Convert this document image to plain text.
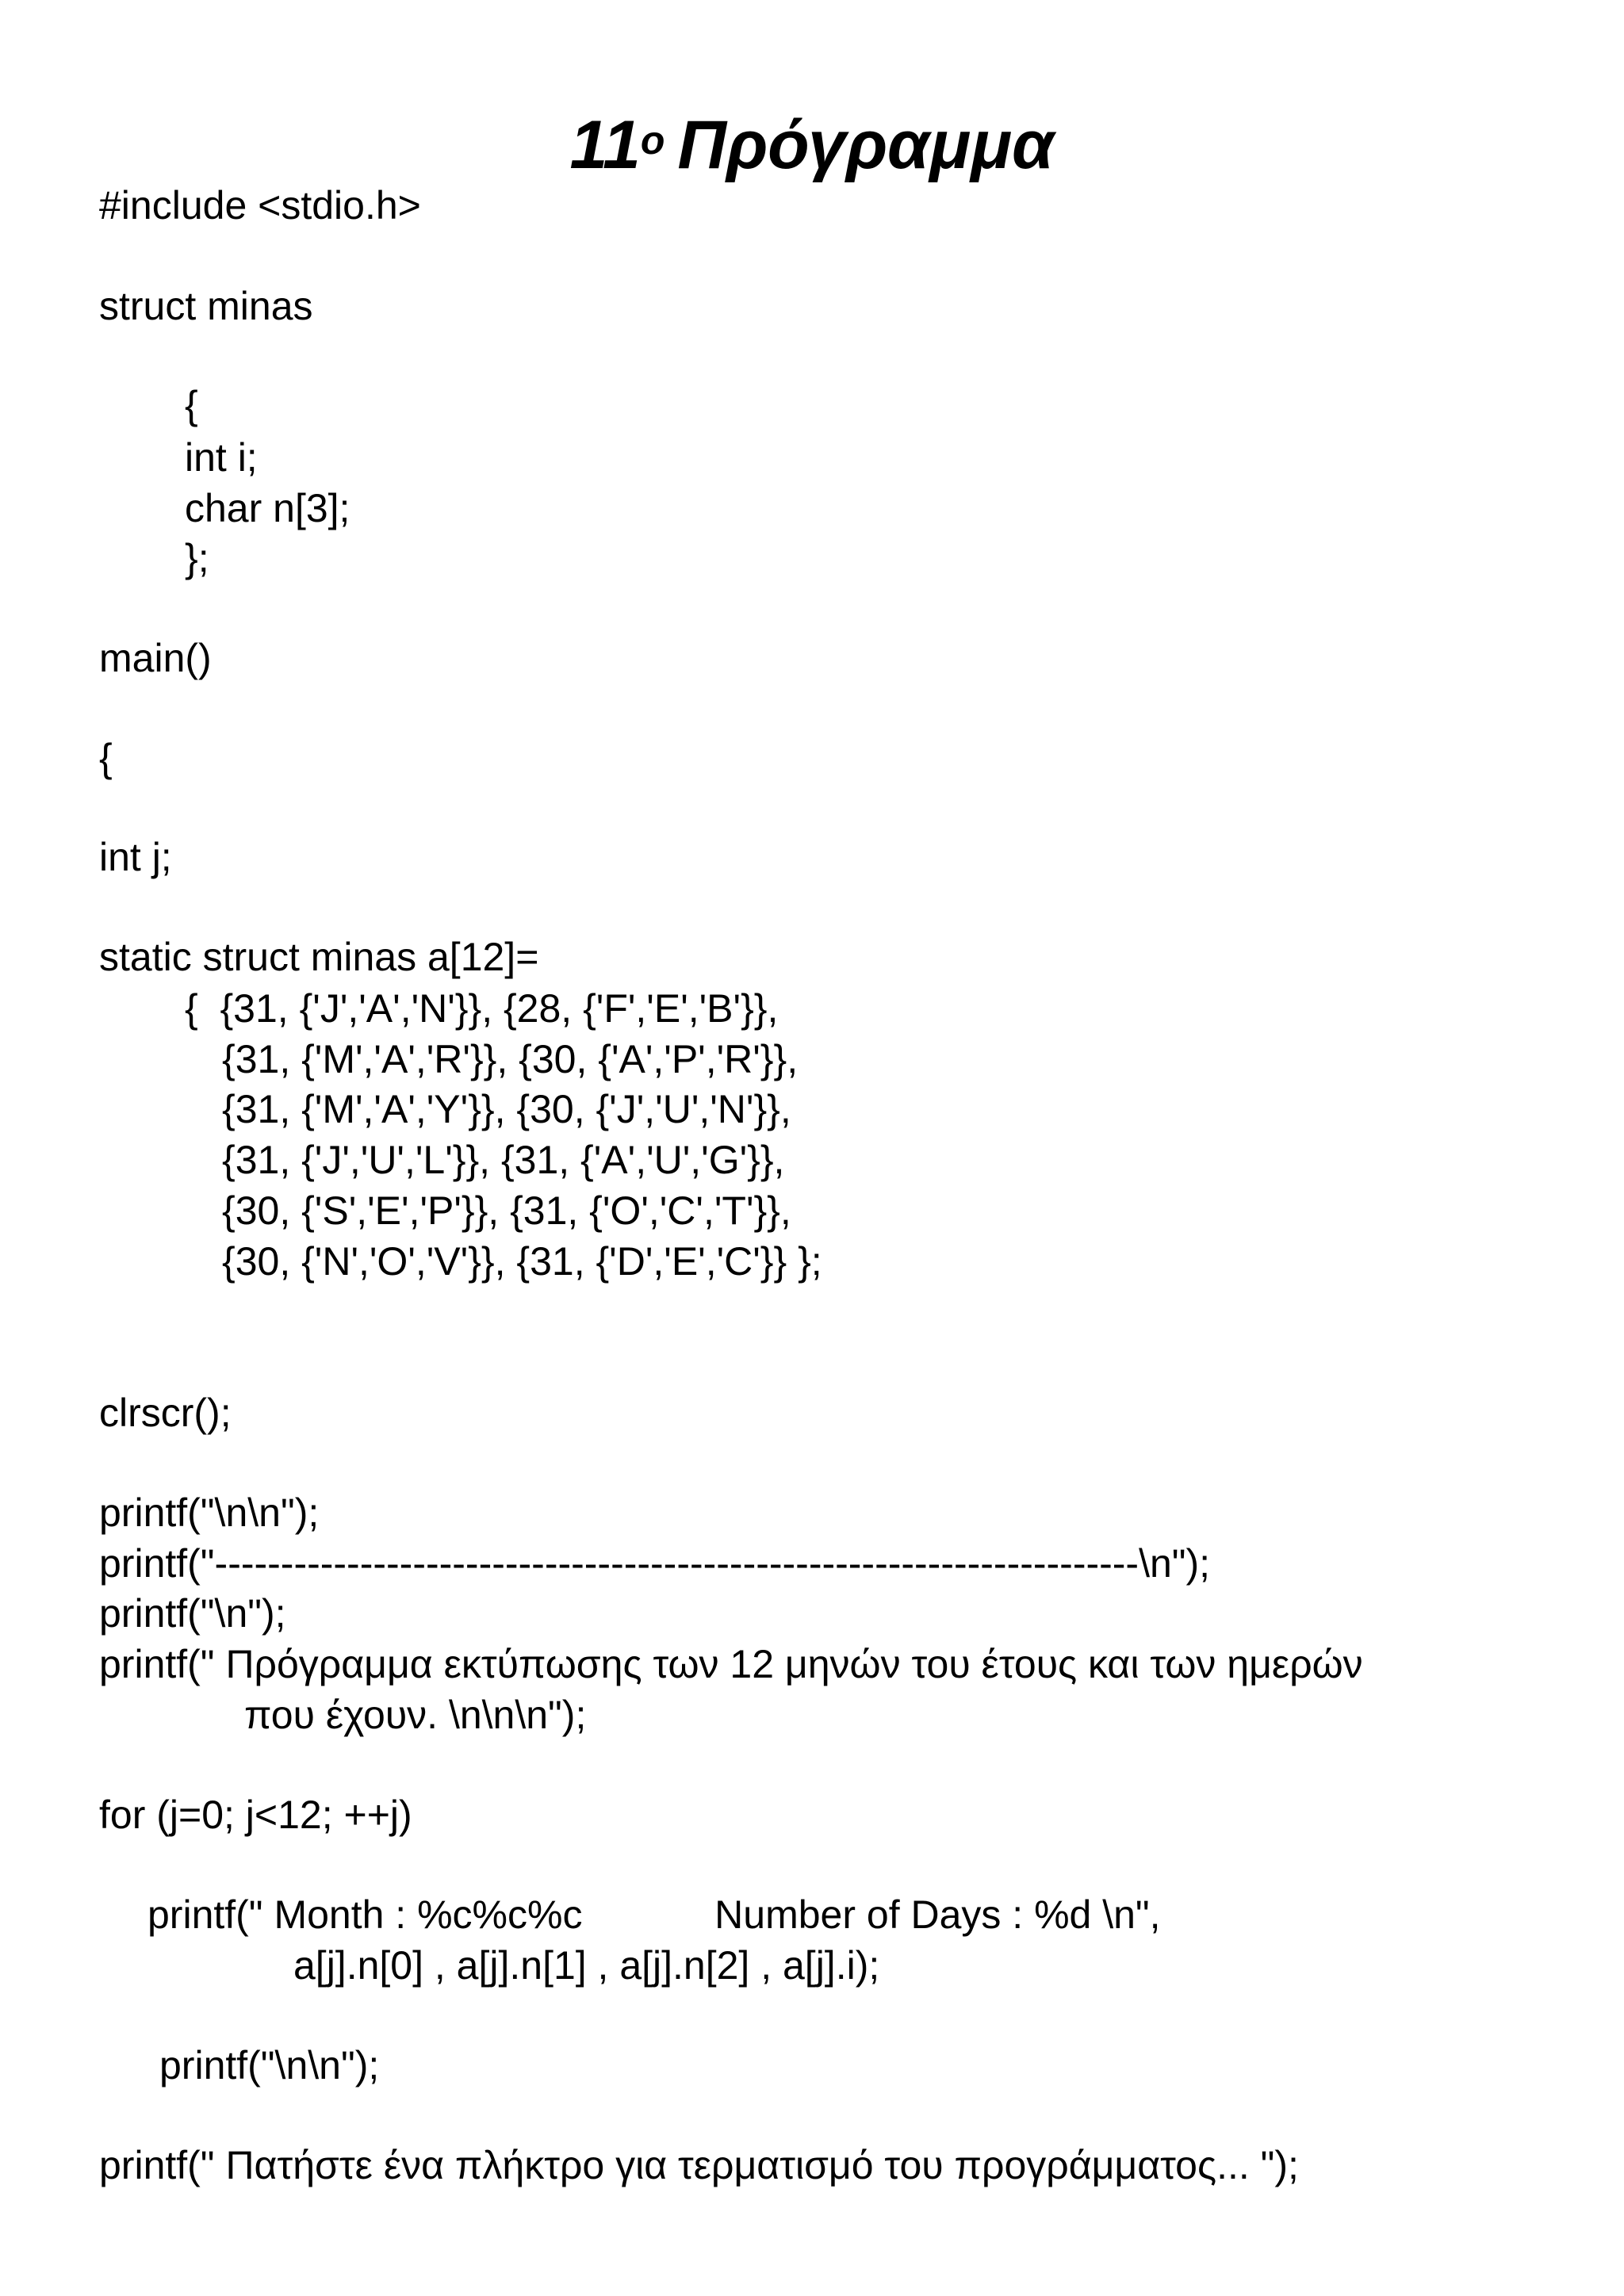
$11^o$ Πρόγραμμα
#include <stdio.h>
struct minas
{
int i;
char n[3];
};
main()
{
int j;
static struct minas a[12]=
{  {31, {'J','A','N'}}, {28, {'F','E','B'}},
{31, {'M','A','R'}}, {30, {'A','P','R'}},
{31, {'M','A','Y'}}, {30, {'J','U','N'}},
{31, {'J','U','L'}}, {31, {'A','U','G'}},
{30, {'S','E','P'}}, {31, {'O','C','T'}},
{30, {'N','O','V'}}, {31, {'D','E','C'}} };
clrscr();
printf("\n\n");
printf("----------------------------------------------------------------------\n");
printf("\n");
printf(" Πρόγραμμα εκτύπωσης των 12 μηνών του έτους και των ημερών
που έχουν. \n\n\n");
for (j=0; j<12; ++j)
printf(" Month : %c%c%c            Number of Days : %d \n",
a[j].n[0] , a[j].n[1] , a[j].n[2] , a[j].i);
printf("\n\n");
printf(" Πατήστε ένα πλήκτρο για τερματισμό του προγράμματος... ");
